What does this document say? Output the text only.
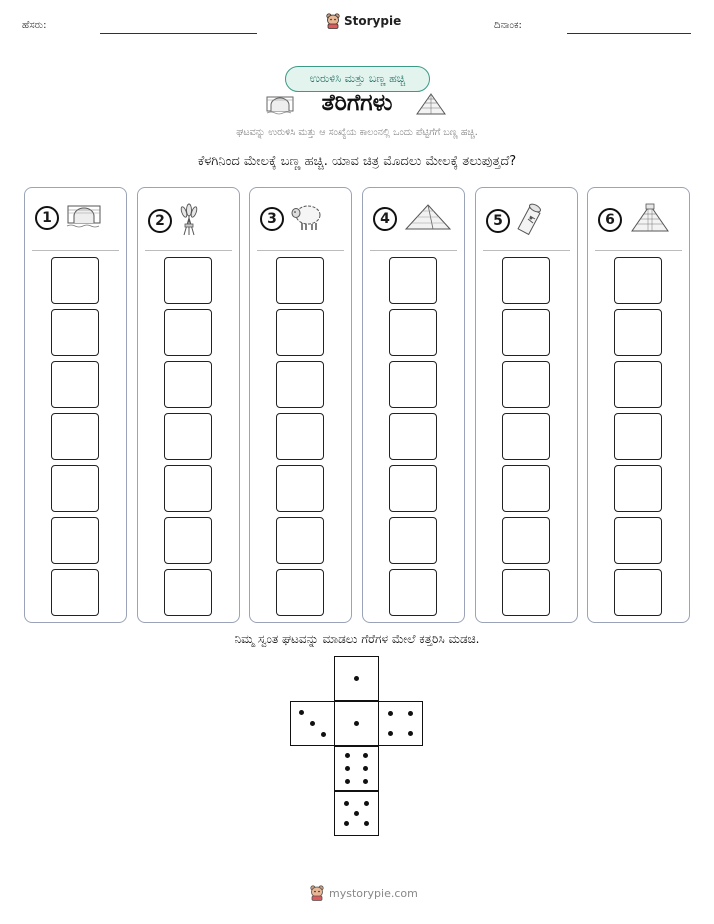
ಹೆಸರು:	Storypie	ದಿನಾಂಕ:
ಉರುಳಿಸಿ ಮತ್ತು ಬಣ್ಣ ಹಚ್ಚಿ
ತೆರಿಗೆಗಳು
ಘಟವನ್ನು ಉರುಳಿಸಿ ಮತ್ತು ಆ ಸಂಖ್ಯೆಯ ಕಾಲಂನಲ್ಲಿ ಒಂದು ಪೆಟ್ಟಿಗೆಗೆ ಬಣ್ಣ ಹಚ್ಚಿ.
ಕೆಳಗಿನಿಂದ ಮೇಲಕ್ಕೆ ಬಣ್ಣ ಹಚ್ಚಿ. ಯಾವ ಚಿತ್ರ ಮೊದಲು ಮೇಲಕ್ಕೆ ತಲುಪುತ್ತದೆ?
1	2	3	4	5	6
ನಿಮ್ಮ ಸ್ವಂತ ಘಟವನ್ನು ಮಾಡಲು ಗೆರೆಗಳ ಮೇಲೆ ಕತ್ತರಿಸಿ ಮಡಚಿ.
mystorypie.com
